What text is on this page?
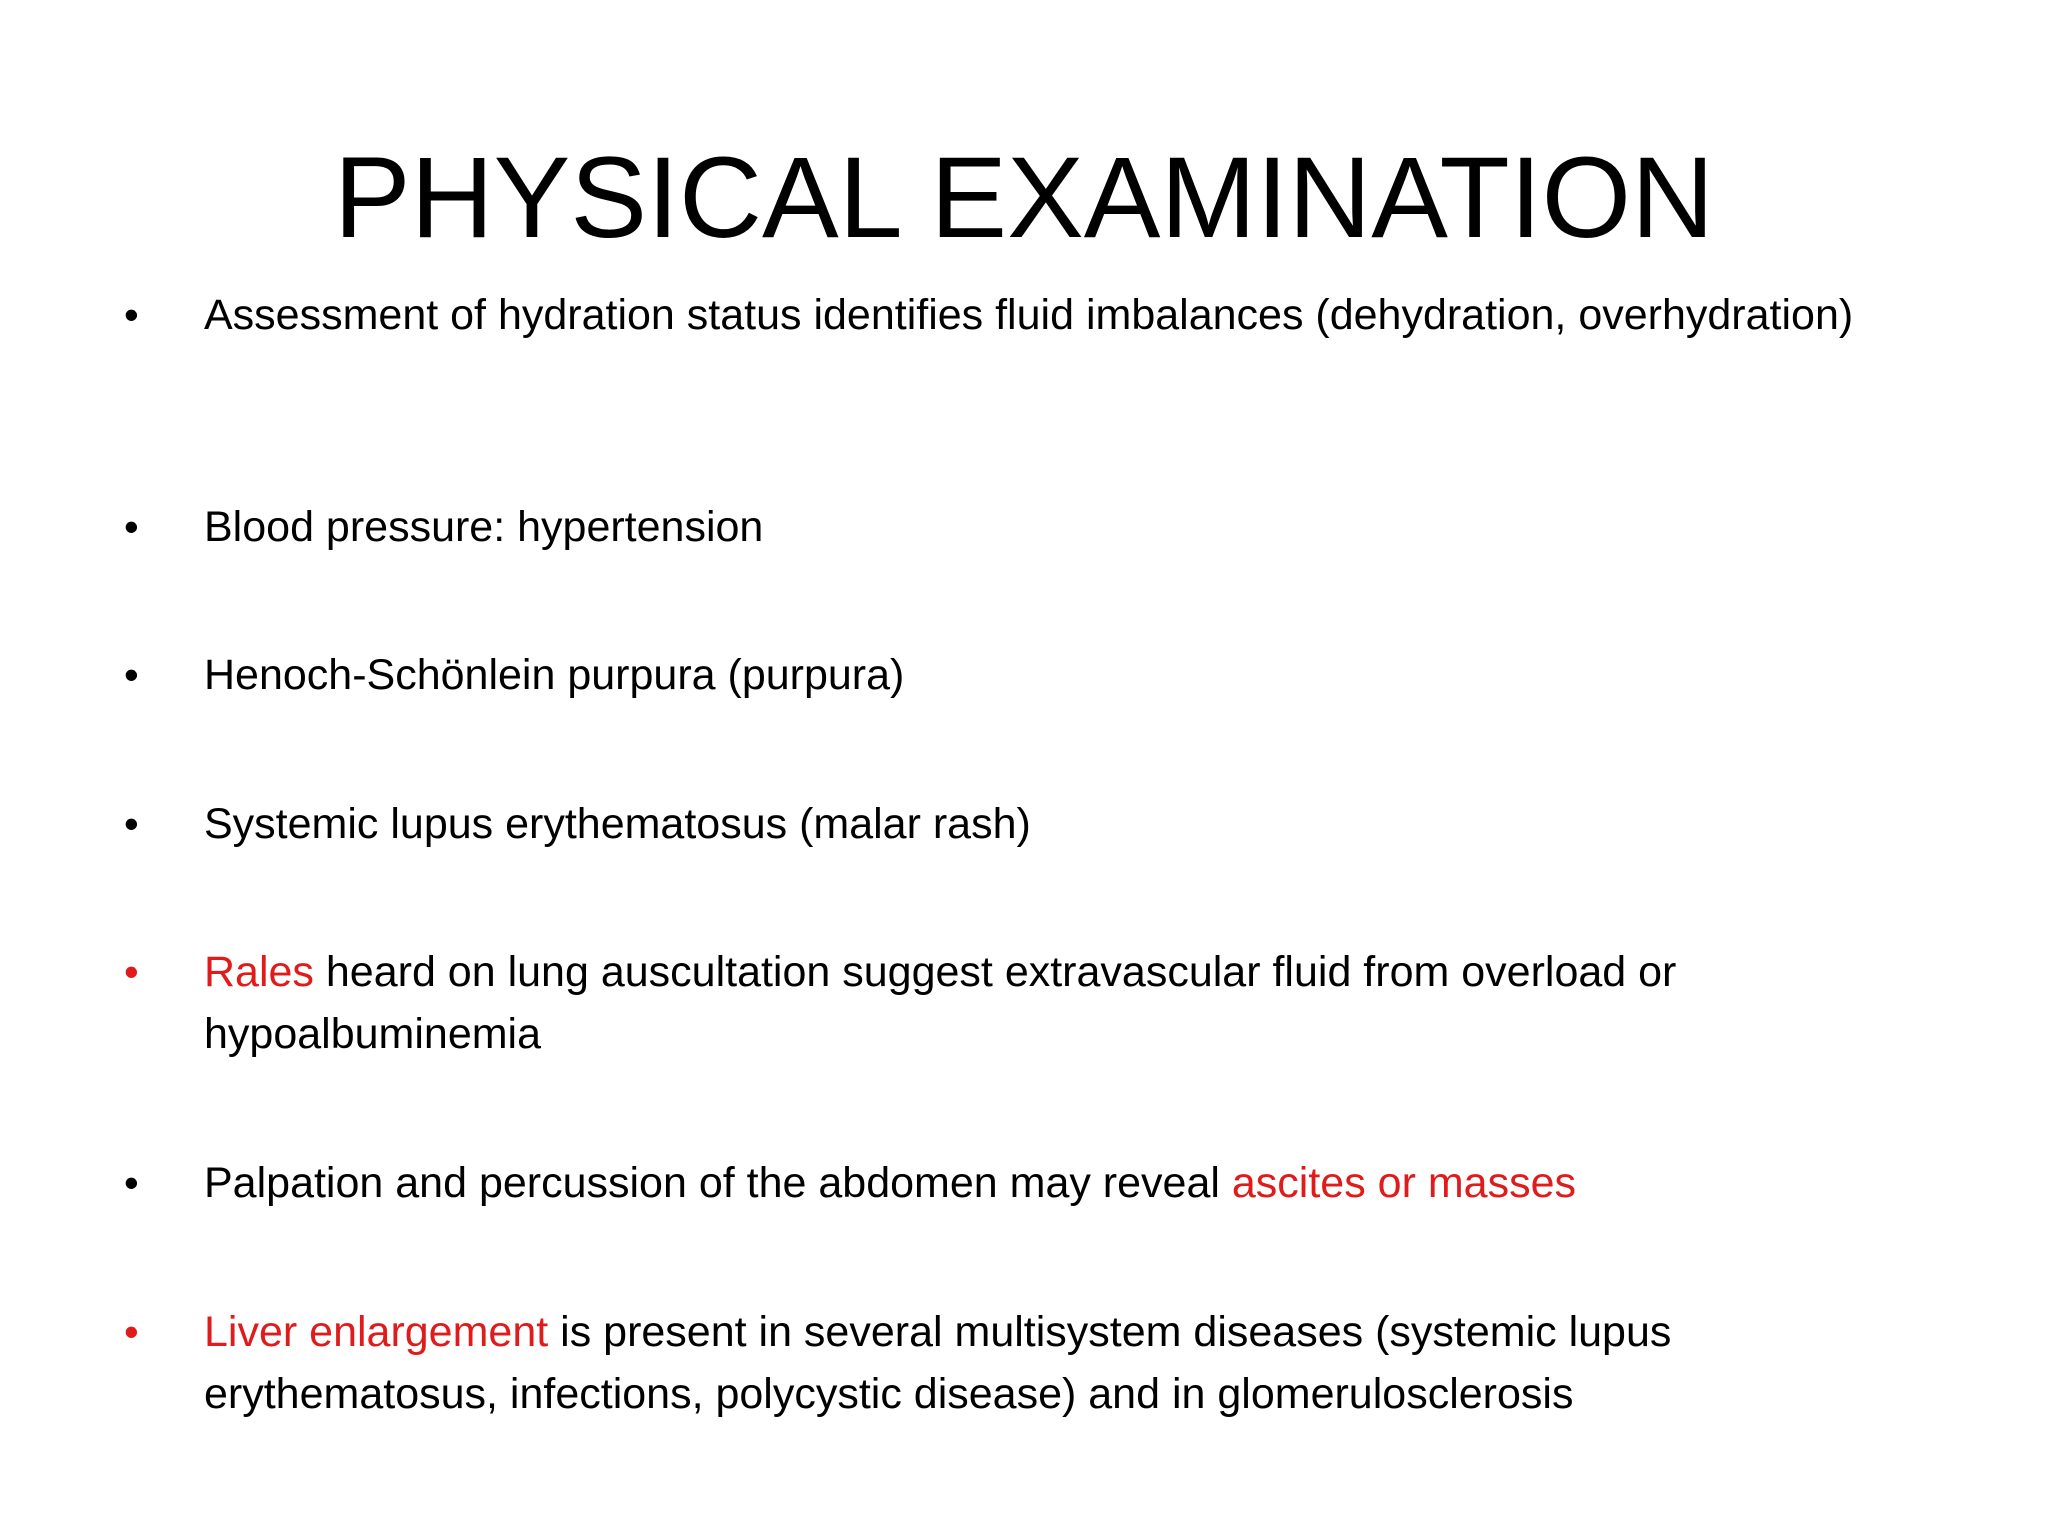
PHYSICAL EXAMINATION
• Assessment of hydration status identifies fluid imbalances (dehydration, overhydration)
• Blood pressure: hypertension
• Henoch-Schönlein purpura (purpura)
• Systemic lupus erythematosus (malar rash)
• Rales heard on lung auscultation suggest extravascular fluid from overload or hypoalbuminemia
• Palpation and percussion of the abdomen may reveal ascites or masses
• Liver enlargement is present in several multisystem diseases (systemic lupus erythematosus, infections, polycystic disease) and in glomerulosclerosis
